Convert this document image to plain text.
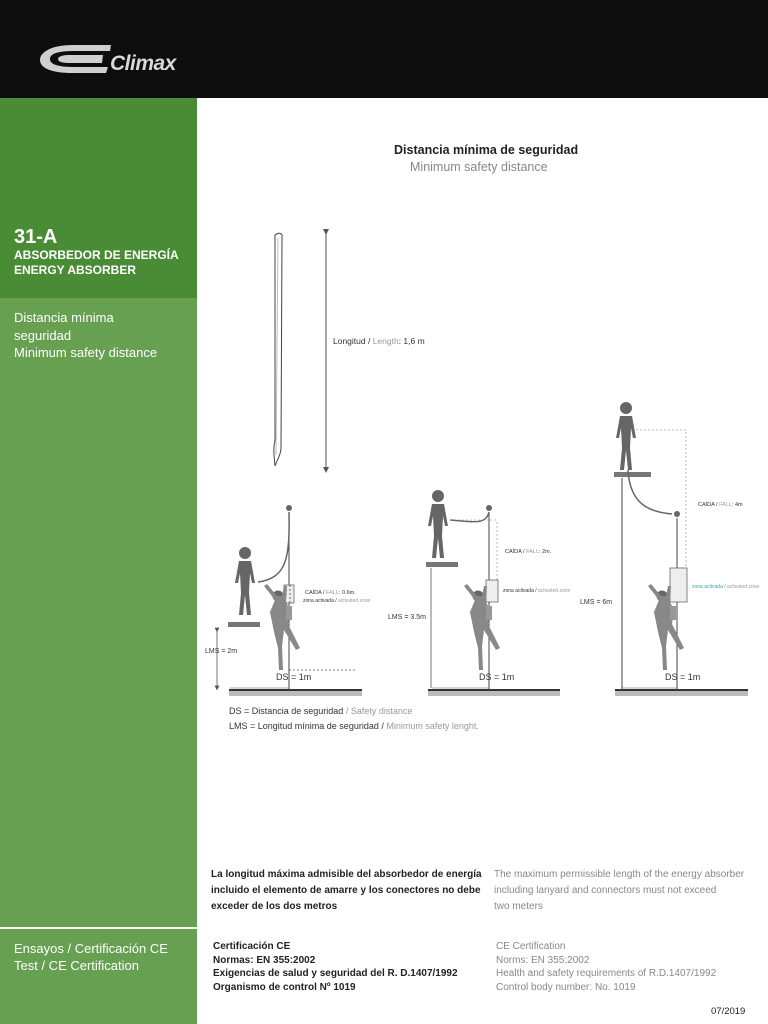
Climax
31-A
ABSORBEDOR DE ENERGÍA
ENERGY ABSORBER
Distancia mínima
seguridad
Minimum safety distance
Ensayos / Certificación CE
Test / CE Certification
Distancia mínima de seguridad
Minimum safety distance
Longitud / Length: 1,6 m
CAÍDA / FALL: 0.6m.
zona activada / activated zone
LMS = 2m
DS = 1m
CAÍDA / FALL: 2m.
zona activada / activated zone
LMS = 3.5m
DS = 1m
CAÍDA / FALL: 4m
zona activada / activated zone
LMS = 6m
DS = 1m
DS = Distancia de seguridad / Safety distance
LMS = Longitud mínima de seguridad / Minimum safety lenght.
La longitud máxima admisible del absorbedor de energía
incluido el elemento de amarre y los conectores no debe
exceder de los dos metros
The maximum permissible length of the energy absorber
including lanyard and connectors must not exceed
two meters
Certificación CE
Normas: EN 355:2002
Exigencias de salud y seguridad del R. D.1407/1992
Organismo de control Nº 1019
CE Certification
Norms: EN 355:2002
Health and safety requirements of R.D.1407/1992
Control body number: No. 1019
07/2019
